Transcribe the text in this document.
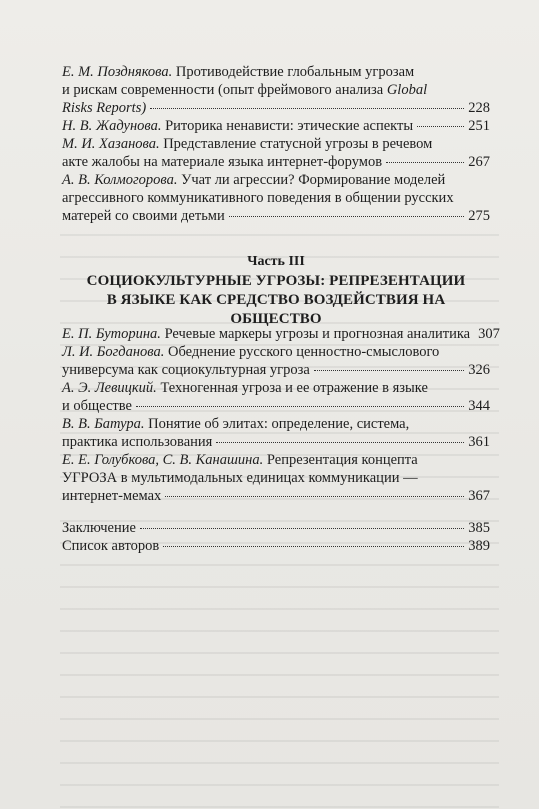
Е. М. Позднякова. Противодействие глобальным угрозам
и рискам современности (опыт фреймового анализа Global
Risks Reports)	228
Н. В. Жадунова. Риторика ненависти: этические аспекты	251
М. И. Хазанова. Представление статусной угрозы в речевом
акте жалобы на материале языка интернет-форумов	267
А. В. Колмогорова. Учат ли агрессии? Формирование моделей
агрессивного коммуникативного поведения в общении русских
матерей со своими детьми	275
Часть III
СОЦИОКУЛЬТУРНЫЕ УГРОЗЫ: РЕПРЕЗЕНТАЦИИ
В ЯЗЫКЕ КАК СРЕДСТВО ВОЗДЕЙСТВИЯ НА ОБЩЕСТВО
Е. П. Буторина. Речевые маркеры угрозы и прогнозная аналитика 307
Л. И. Богданова. Обеднение русского ценностно-смыслового
универсума как социокультурная угроза	326
А. Э. Левицкий. Техногенная угроза и ее отражение в языке
и обществе	344
В. В. Батура. Понятие об элитах: определение, система,
практика использования	361
Е. Е. Голубкова, С. В. Канашина. Репрезентация концепта
УГРОЗА в мультимодальных единицах коммуникации —
интернет-мемах	367
Заключение	385
Список авторов	389
